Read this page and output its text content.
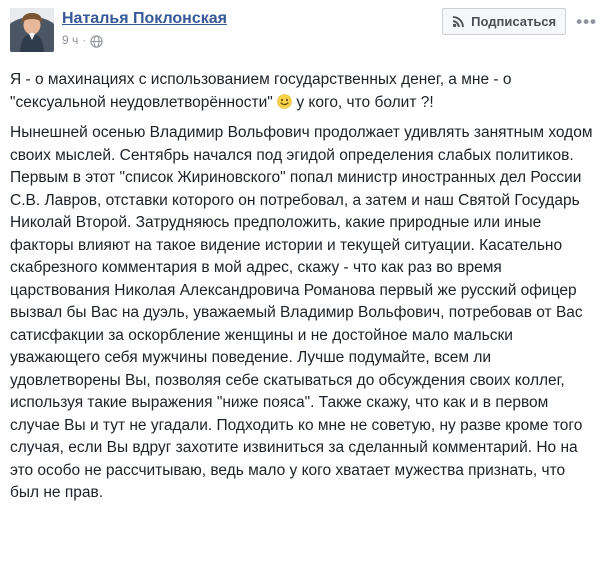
Наталья Поклонская
9 ч ·
Подписаться •••

Я - о махинациях с использованием государственных денег, а мне - о "сексуальной неудовлетворённости"  у кого, что болит ?!

Нынешней осенью Владимир Вольфович продолжает удивлять занятным ходом своих мыслей. Сентябрь начался под эгидой определения слабых политиков. Первым в этот "список Жириновского" попал министр иностранных дел России С.В. Лавров, отставки которого он потребовал, а затем и наш Святой Государь Николай Второй. Затрудняюсь предположить, какие природные или иные факторы влияют на такое видение истории и текущей ситуации. Касательно скабрезного комментария в мой адрес, скажу - что как раз во время царствования Николая Александровича Романова первый же русский офицер вызвал бы Вас на дуэль, уважаемый Владимир Вольфович, потребовав от Вас сатисфакции за оскорбление женщины и не достойное мало мальски уважающего себя мужчины поведение. Лучше подумайте, всем ли удовлетворены Вы, позволяя себе скатываться до обсуждения своих коллег, используя такие выражения "ниже пояса". Также скажу, что как и в первом случае Вы и тут не угадали. Подходить ко мне не советую, ну разве кроме того случая, если Вы вдруг захотите извиниться за сделанный комментарий. Но на это особо не рассчитываю, ведь мало у кого хватает мужества признать, что был не прав.
